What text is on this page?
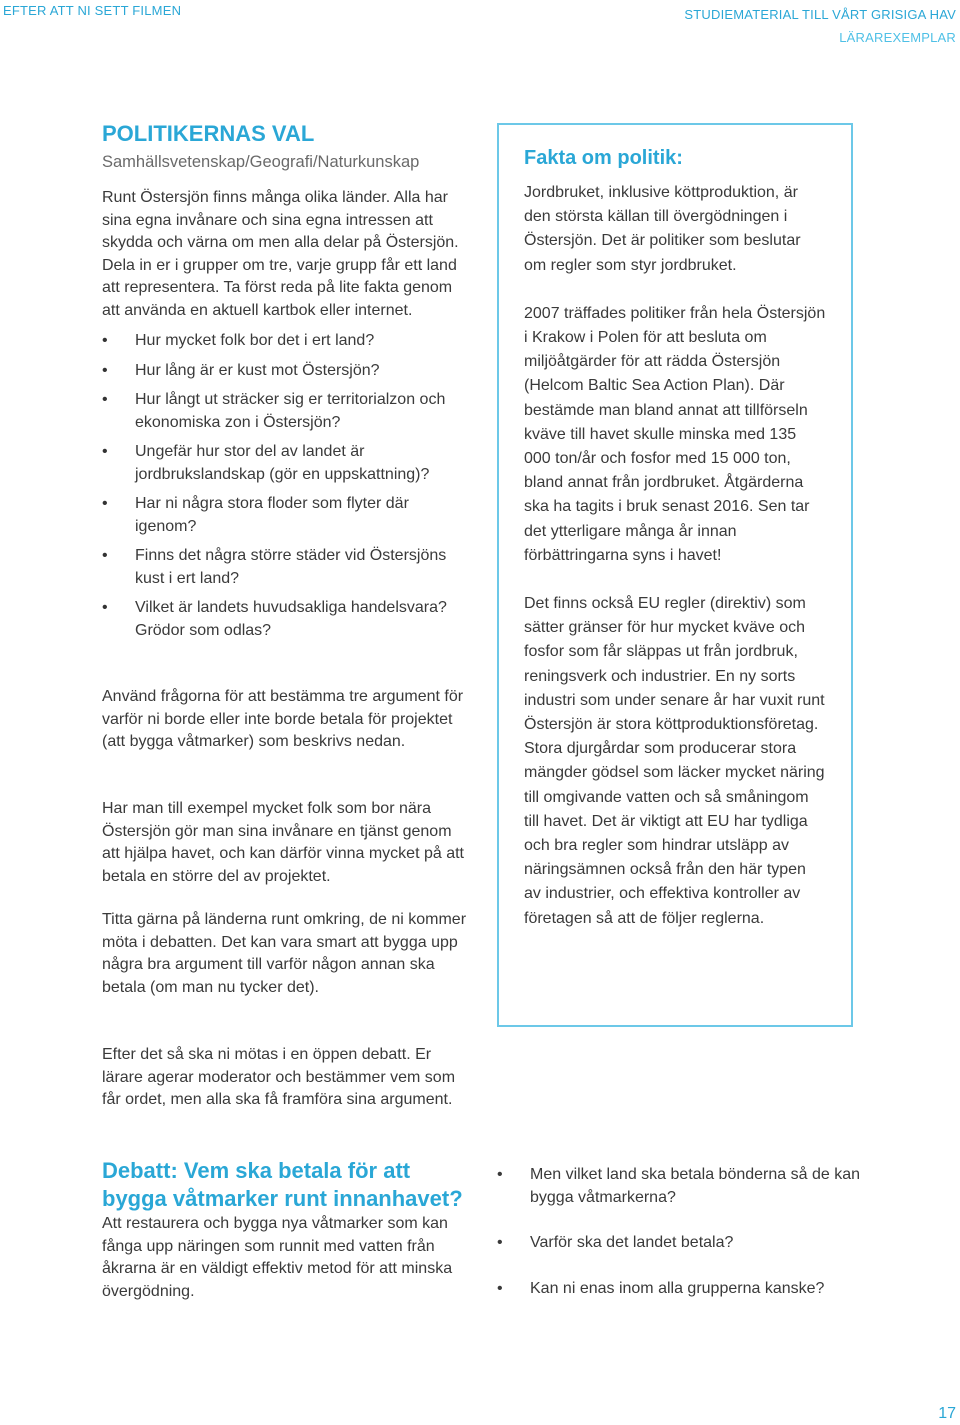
EFTER ATT NI SETT FILMEN	STUDIEMATERIAL TILL VÅRT GRISIGA HAV
LÄRAREXEMPLAR
POLITIKERNAS VAL
Samhällsvetenskap/Geografi/Naturkunskap

Runt Östersjön finns många olika länder. Alla har sina egna invånare och sina egna intressen att skydda och värna om men alla delar på Östersjön. Dela in er i grupper om tre, varje grupp får ett land att representera. Ta först reda på lite fakta genom att använda en aktuell kartbok eller internet.

• Hur mycket folk bor det i ert land?
• Hur lång är er kust mot Östersjön?
• Hur långt ut sträcker sig er territorialzon och ekonomiska zon i Östersjön?
• Ungefär hur stor del av landet är jordbrukslandskap (gör en uppskattning)?
• Har ni några stora floder som flyter där igenom?
• Finns det några större städer vid Östersjöns kust i ert land?
• Vilket är landets huvudsakliga handelsvara? Grödor som odlas?

Använd frågorna för att bestämma tre argument för varför ni borde eller inte borde betala för projektet (att bygga våtmarker) som beskrivs nedan.

Har man till exempel mycket folk som bor nära Östersjön gör man sina invånare en tjänst genom att hjälpa havet, och kan därför vinna mycket på att betala en större del av projektet.

Titta gärna på länderna runt omkring, de ni kommer möta i debatten. Det kan vara smart att bygga upp några bra argument till varför någon annan ska betala (om man nu tycker det).

Efter det så ska ni mötas i en öppen debatt. Er lärare agerar moderator och bestämmer vem som får ordet, men alla ska få framföra sina argument.

Fakta om politik:

Jordbruket, inklusive köttproduktion, är den största källan till övergödningen i Östersjön. Det är politiker som beslutar om regler som styr jordbruket.

2007 träffades politiker från hela Östersjön i Krakow i Polen för att besluta om miljöåtgärder för att rädda Östersjön (Helcom Baltic Sea Action Plan). Där bestämde man bland annat att tillförseln kväve till havet skulle minska med 135 000 ton/år och fosfor med 15 000 ton, bland annat från jordbruket. Åtgärderna ska ha tagits i bruk senast 2016. Sen tar det ytterligare många år innan förbättringarna syns i havet!

Det finns också EU regler (direktiv) som sätter gränser för hur mycket kväve och fosfor som får släppas ut från jordbruk, reningsverk och industrier. En ny sorts industri som under senare år har vuxit runt Östersjön är stora köttproduktionsföretag. Stora djurgårdar som producerar stora mängder gödsel som läcker mycket näring till omgivande vatten och så småningom till havet. Det är viktigt att EU har tydliga och bra regler som hindrar utsläpp av näringsämnen också från den här typen av industrier, och effektiva kontroller av företagen så att de följer reglerna.

Debatt: Vem ska betala för att bygga våtmarker runt innanhavet?

Att restaurera och bygga nya våtmarker som kan fånga upp näringen som runnit med vatten från åkrarna är en väldigt effektiv metod för att minska övergödning.

• Men vilket land ska betala bönderna så de kan bygga våtmarkerna?
• Varför ska det landet betala?
• Kan ni enas inom alla grupperna kanske?
17
